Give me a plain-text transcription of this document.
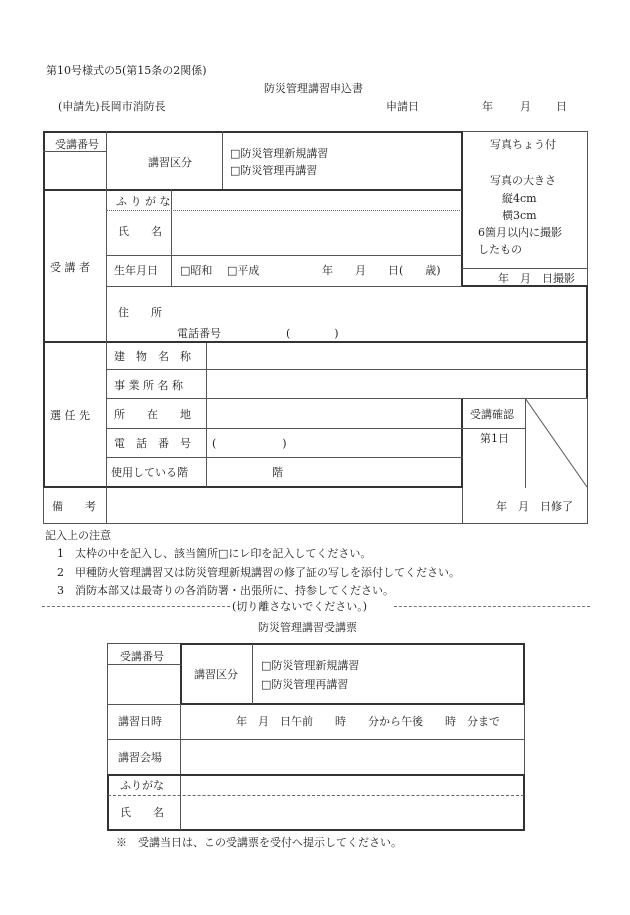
第10号様式の5(第15条の2関係)
防災管理講習申込書
(申請先)長岡市消防長	申請日	年 月 日
受講番号
講習区分
□防災管理新規講習
□防災管理再講習
写真ちょう付
写真の大きさ
縦4cm
横3cm
6箇月以内に撮影
したもの
年　月　日撮影
受 講 者
ふ り が な
氏　　名
生年月日 □昭和 □平成	年　　月　　日(　　歳)
住　　所
電話番号	(　　　　)
選 任 先
建　物　名　称
事 業 所 名 称
所　　在　　地
電　話　番　号 (　　　　　　)
使用している階	階
受講確認
第1日
備　　考	年　月　日修了
記入上の注意
1　太枠の中を記入し、該当箇所□にレ印を記入してください。
2　甲種防火管理講習又は防災管理新規講習の修了証の写しを添付してください。
3　消防本部又は最寄りの各消防署・出張所に、持参してください。
(切り離さないでください。)
防災管理講習受講票
受講番号
講習区分
□防災管理新規講習
□防災管理再講習
講習日時	年　月　日午前　　時　　分から午後　　時　分まで
講習会場
ふりがな
氏　　名
※　受講当日は、この受講票を受付へ提示してください。
